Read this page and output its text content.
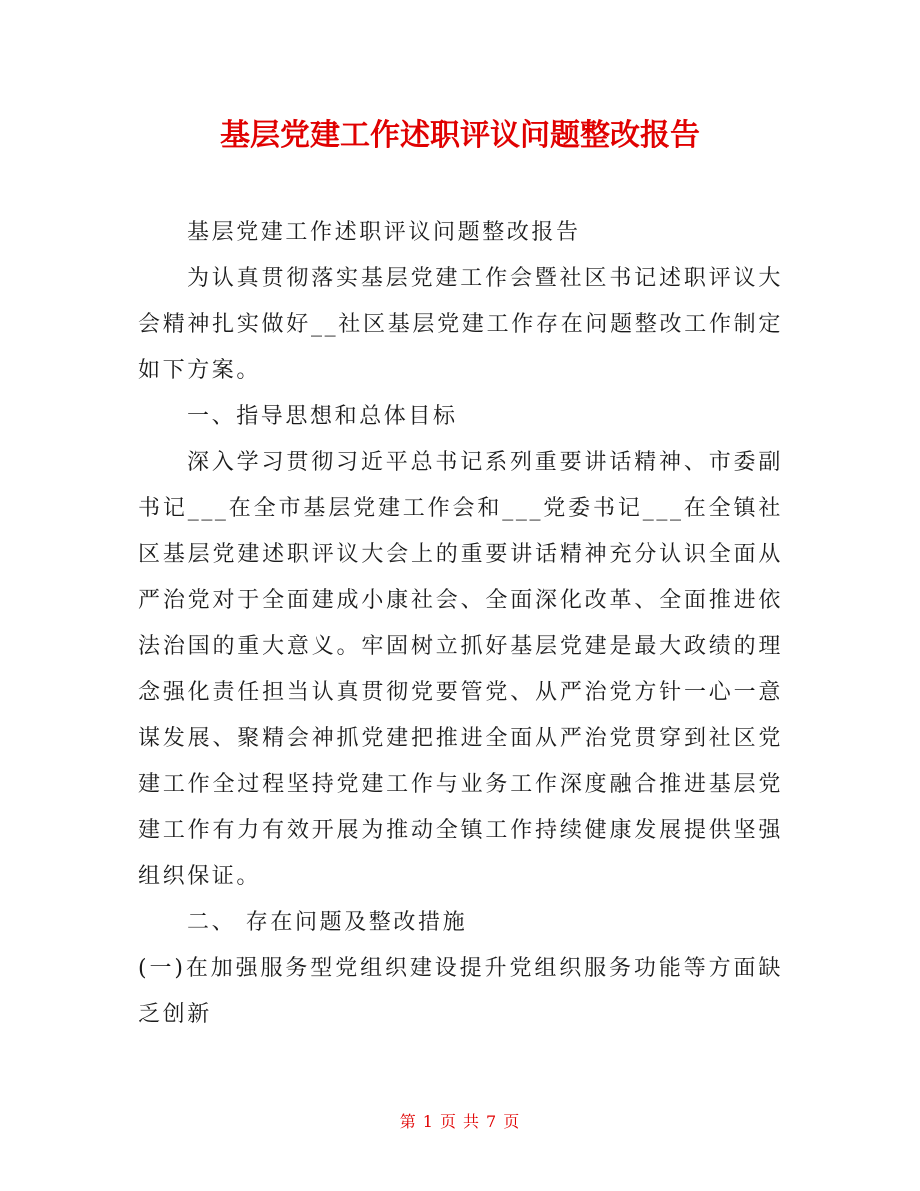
基层党建工作述职评议问题整改报告

基层党建工作述职评议问题整改报告

为认真贯彻落实基层党建工作会暨社区书记述职评议大会精神扎实做好__社区基层党建工作存在问题整改工作制定如下方案。

一、指导思想和总体目标

深入学习贯彻习近平总书记系列重要讲话精神、市委副书记___在全市基层党建工作会和___党委书记___在全镇社区基层党建述职评议大会上的重要讲话精神充分认识全面从严治党对于全面建成小康社会、全面深化改革、全面推进依法治国的重大意义。牢固树立抓好基层党建是最大政绩的理念强化责任担当认真贯彻党要管党、从严治党方针一心一意谋发展、聚精会神抓党建把推进全面从严治党贯穿到社区党建工作全过程坚持党建工作与业务工作深度融合推进基层党建工作有力有效开展为推动全镇工作持续健康发展提供坚强组织保证。

二、 存在问题及整改措施

(一)在加强服务型党组织建设提升党组织服务功能等方面缺乏创新

第 1 页 共 7 页
